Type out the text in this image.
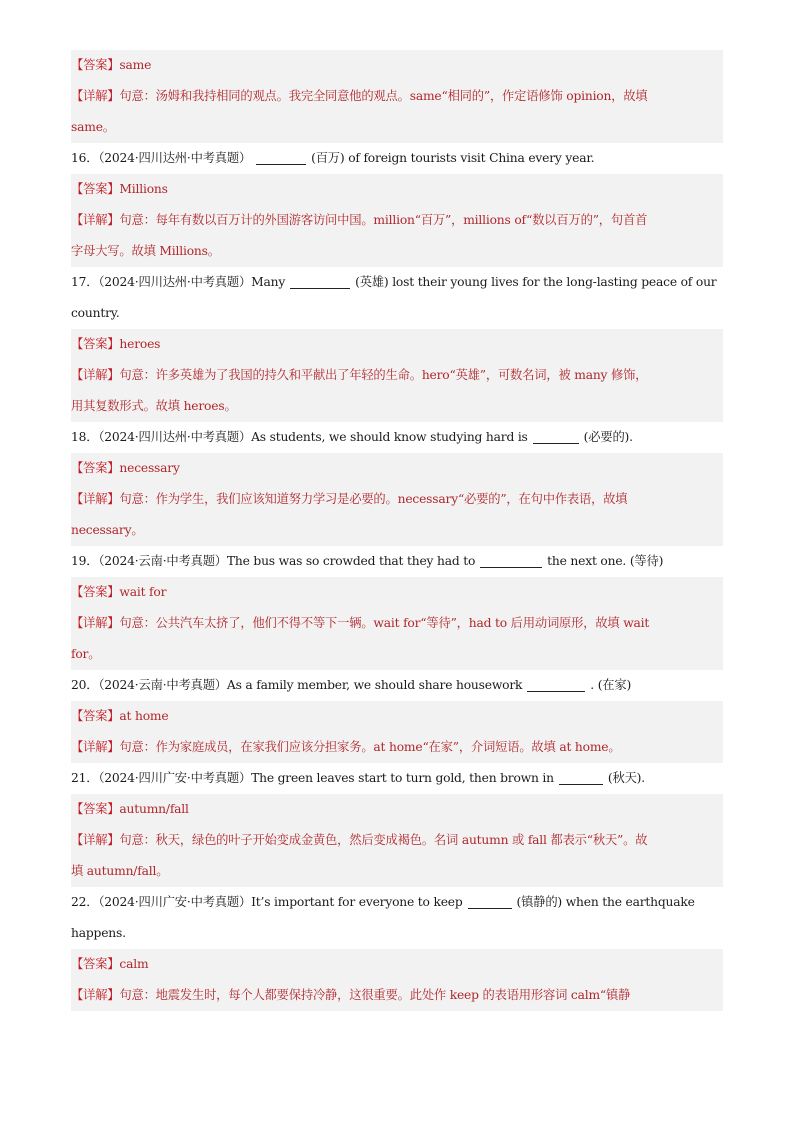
【答案】same
【详解】句意：汤姆和我持相同的观点。我完全同意他的观点。same“相同的”，作定语修饰 opinion，故填
same。
16．（2024·四川达州·中考真题）	(百万) of foreign tourists visit China every year.
【答案】Millions
【详解】句意：每年有数以百万计的外国游客访问中国。million“百万”，millions of“数以百万的”，句首首
字母大写。故填 Millions。
17．（2024·四川达州·中考真题）Many	(英雄) lost their young lives for the long-lasting peace of our
country.
【答案】heroes
【详解】句意：许多英雄为了我国的持久和平献出了年轻的生命。hero“英雄”，可数名词，被 many 修饰，
用其复数形式。故填 heroes。
18．（2024·四川达州·中考真题）As students, we should know studying hard is	(必要的).
【答案】necessary
【详解】句意：作为学生，我们应该知道努力学习是必要的。necessary“必要的”，在句中作表语，故填
necessary。
19．（2024·云南·中考真题）The bus was so crowded that they had to	the next one. (等待)
【答案】wait for
【详解】句意：公共汽车太挤了，他们不得不等下一辆。wait for“等待”，had to 后用动词原形，故填 wait
for。
20．（2024·云南·中考真题）As a family member, we should share housework	. (在家)
【答案】at home
【详解】句意：作为家庭成员，在家我们应该分担家务。at home“在家”，介词短语。故填 at home。
21．（2024·四川广安·中考真题）The green leaves start to turn gold, then brown in	(秋天).
【答案】autumn/fall
【详解】句意：秋天，绿色的叶子开始变成金黄色，然后变成褐色。名词 autumn 或 fall 都表示“秋天”。故
填 autumn/fall。
22．（2024·四川广安·中考真题）It’s important for everyone to keep	(镇静的) when the earthquake
happens.
【答案】calm
【详解】句意：地震发生时，每个人都要保持冷静，这很重要。此处作 keep 的表语用形容词 calm“镇静
